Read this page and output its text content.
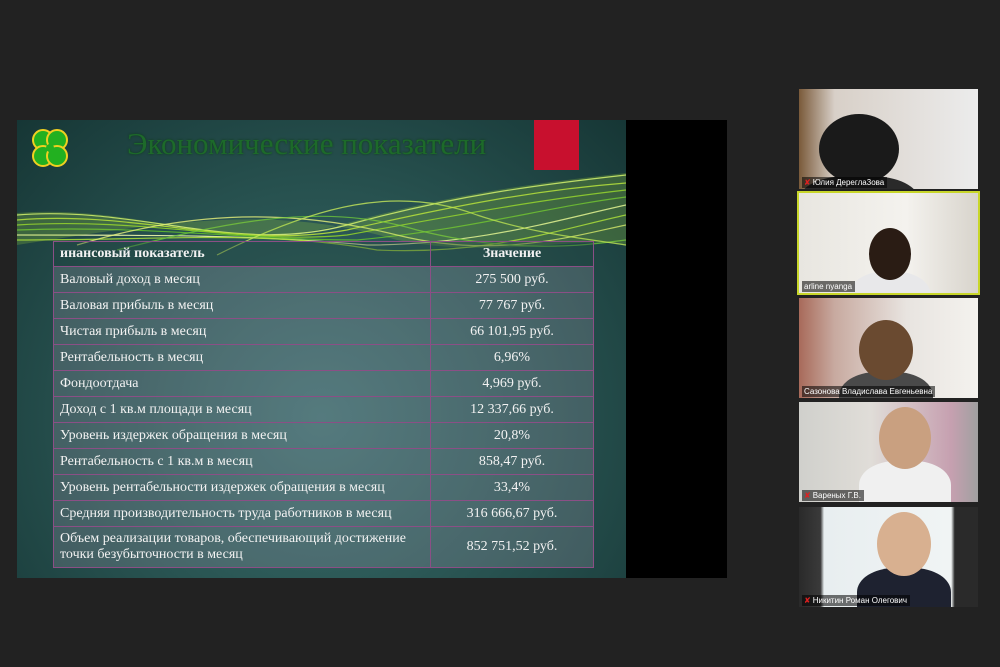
Экономические показатели
инансовый показатель	Значение
Валовый доход в месяц	275 500 руб.
Валовая прибыль в месяц	77 767 руб.
Чистая прибыль в месяц	66 101,95 руб.
Рентабельность в месяц	6,96%
Фондоотдача	4,969 руб.
Доход с 1 кв.м площади в месяц	12 337,66 руб.
Уровень издержек обращения в месяц	20,8%
Рентабельность с 1 кв.м в месяц	858,47 руб.
Уровень рентабельности издержек обращения в месяц	33,4%
Средняя производительность труда работников в месяц	316 666,67 руб.
Объем реализации товаров, обеспечивающий достижение точки безубыточности в месяц	852 751,52 руб.
✘ Юлия Дерегла3ова
arline nyanga
Сазонова Владислава Евгеньевна
✘ Вареных Г.В.
✘ Никитин Роман Олегович
